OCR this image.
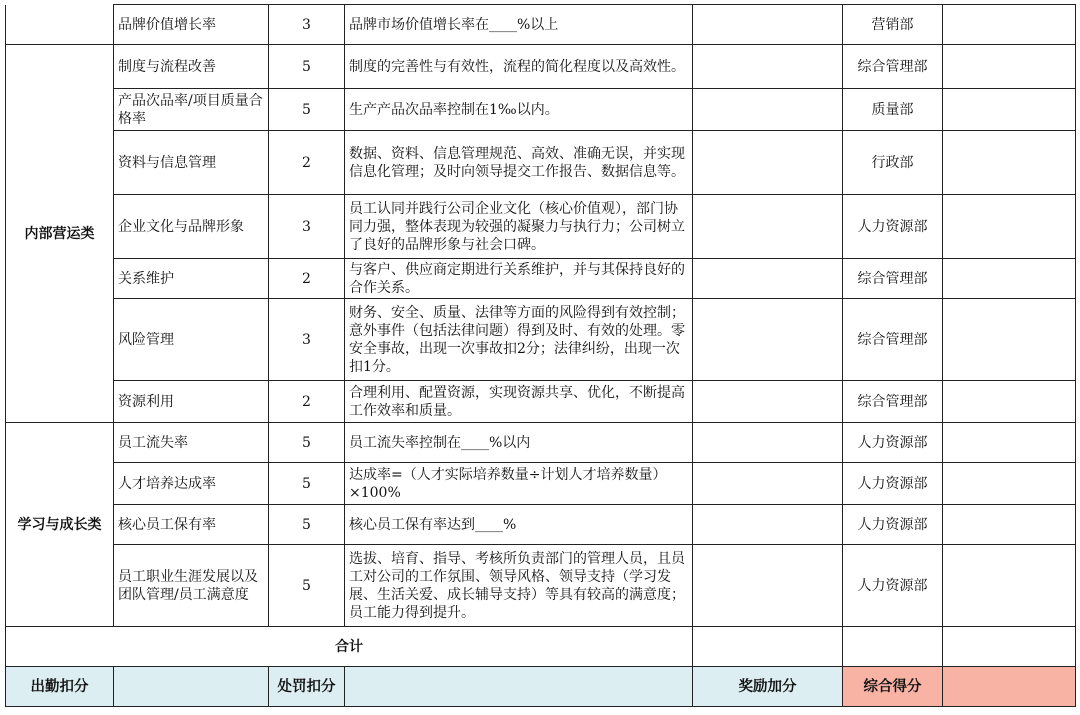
	品牌价值增长率	3	品牌市场价值增长率在____%以上		营销部	
内部营运类	制度与流程改善	5	制度的完善性与有效性，流程的简化程度以及高效性。		综合管理部	
	产品次品率/项目质量合格率	5	生产产品次品率控制在1‰以内。		质量部	
	资料与信息管理	2	数据、资料、信息管理规范、高效、准确无误，并实现信息化管理；及时向领导提交工作报告、数据信息等。		行政部	
	企业文化与品牌形象	3	员工认同并践行公司企业文化（核心价值观），部门协同力强，整体表现为较强的凝聚力与执行力；公司树立了良好的品牌形象与社会口碑。		人力资源部	
	关系维护	2	与客户、供应商定期进行关系维护，并与其保持良好的合作关系。		综合管理部	
	风险管理	3	财务、安全、质量、法律等方面的风险得到有效控制；意外事件（包括法律问题）得到及时、有效的处理。零安全事故，出现一次事故扣2分；法律纠纷，出现一次扣1分。		综合管理部	
	资源利用	2	合理利用、配置资源，实现资源共享、优化，不断提高工作效率和质量。		综合管理部	
学习与成长类	员工流失率	5	员工流失率控制在____%以内		人力资源部	
	人才培养达成率	5	达成率=（人才实际培养数量÷计划人才培养数量）×100%		人力资源部	
	核心员工保有率	5	核心员工保有率达到____%		人力资源部	
	员工职业生涯发展以及团队管理/员工满意度	5	选拔、培育、指导、考核所负责部门的管理人员，且员工对公司的工作氛围、领导风格、领导支持（学习发展、生活关爱、成长辅导支持）等具有较高的满意度；员工能力得到提升。		人力资源部	
合计						
出勤扣分		处罚扣分		奖励加分	综合得分	
